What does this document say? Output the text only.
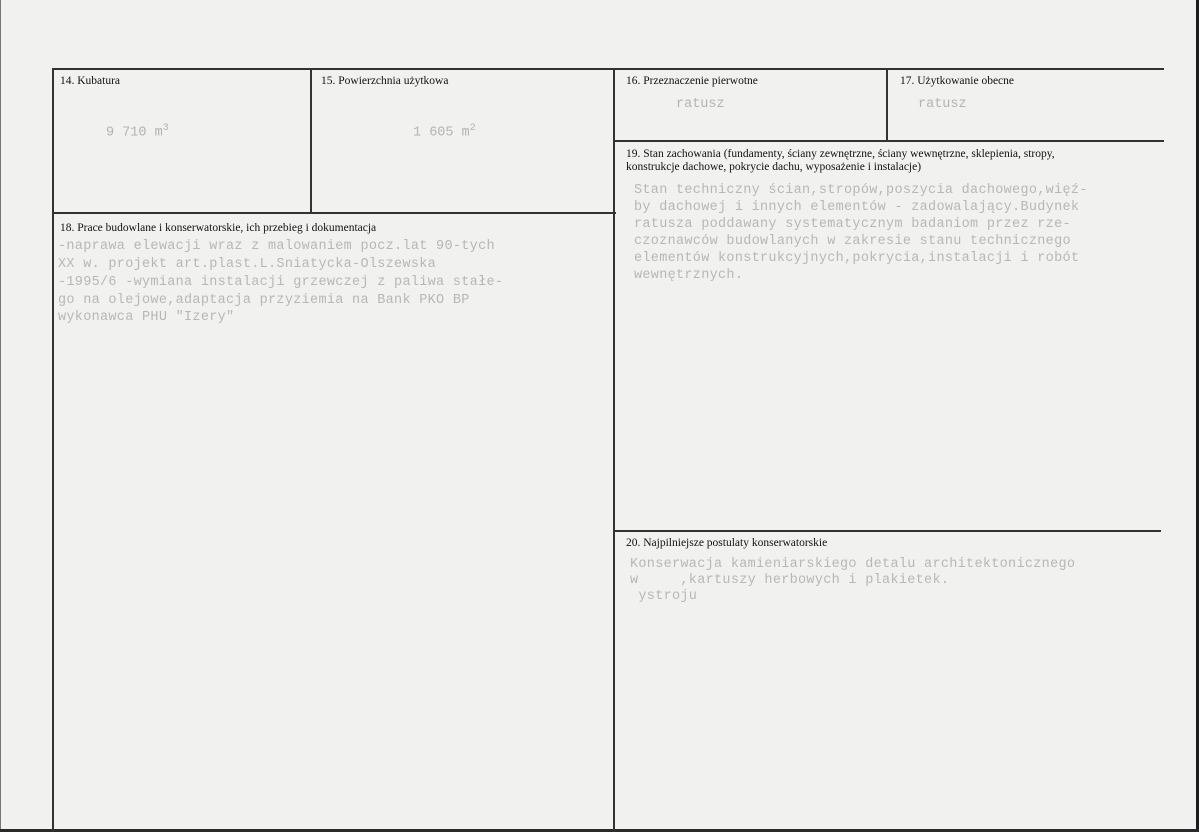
14. Kubatura
9 710 $m^3$
15. Powierzchnia użytkowa
1 605 $m^2$
16. Przeznaczenie pierwotne
ratusz
17. Użytkowanie obecne
ratusz
18. Prace budowlane i konserwatorskie, ich przebieg i dokumentacja
-naprawa elewacji wraz z malowaniem pocz.lat 90-tych
XX w. projekt art.plast.L.Sniatycka-Olszewska
-1995/6 -wymiana instalacji grzewczej z paliwa stałe-
go na olejowe,adaptacja przyziemia na Bank PKO BP
wykonawca PHU "Izery"
19. Stan zachowania (fundamenty, ściany zewnętrzne, ściany wewnętrzne, sklepienia, stropy, konstrukcje dachowe, pokrycie dachu, wyposażenie i instalacje)
Stan techniczny ścian,stropów,poszycia dachowego,więź-
by dachowej i innych elementów - zadowalający.Budynek
ratusza poddawany systematycznym badaniom przez rze-
czoznawców budowlanych w zakresie stanu technicznego
elementów konstrukcyjnych,pokrycia,instalacji i robót
wewnętrznych.
20. Najpilniejsze postulaty konserwatorskie
Konserwacja kamieniarskiego detalu architektonicznego
w     ,kartuszy herbowych i plakietek.
ystroju
